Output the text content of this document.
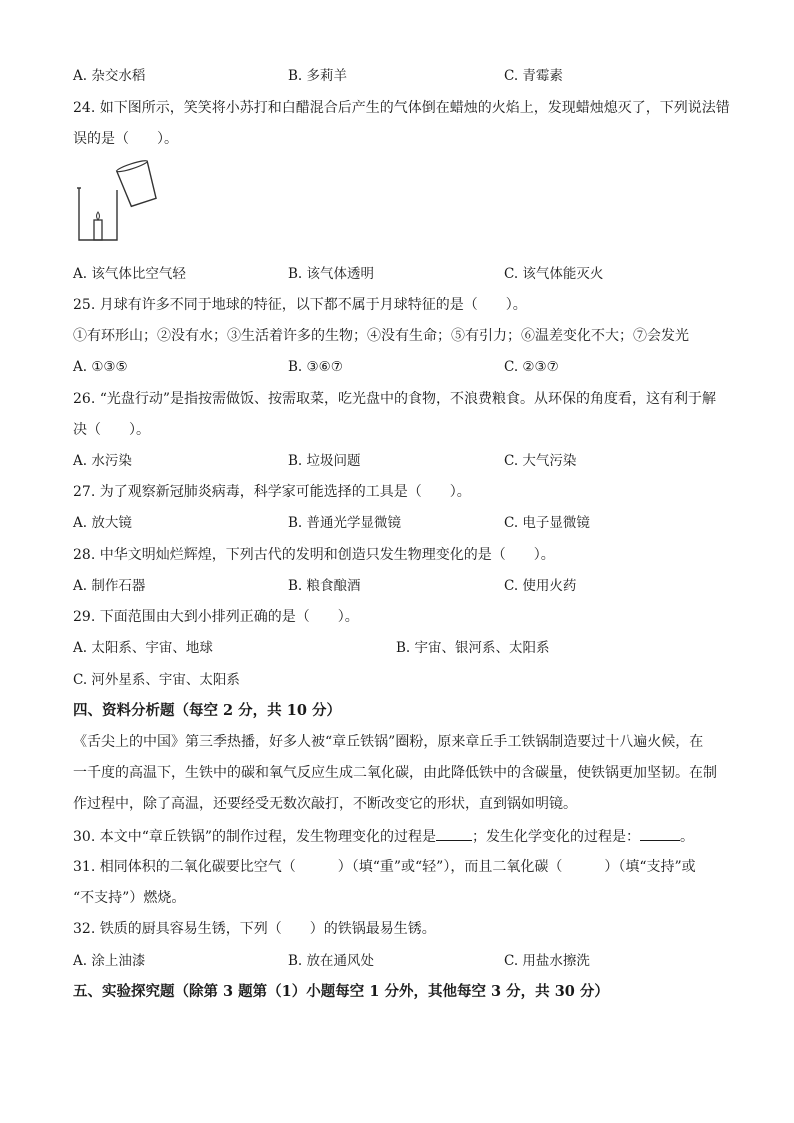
A. 杂交水稻	B. 多莉羊	C. 青霉素
24. 如下图所示，笑笑将小苏打和白醋混合后产生的气体倒在蜡烛的火焰上，发现蜡烛熄灭了，下列说法错
误的是（　　）。
A. 该气体比空气轻	B. 该气体透明	C. 该气体能灭火
25. 月球有许多不同于地球的特征，以下都不属于月球特征的是（　　）。
①有环形山；②没有水；③生活着许多的生物；④没有生命；⑤有引力；⑥温差变化不大；⑦会发光
A. ①③⑤	B. ③⑥⑦	C. ②③⑦
26. “光盘行动”是指按需做饭、按需取菜，吃光盘中的食物，不浪费粮食。从环保的角度看，这有利于解
决（　　）。
A. 水污染	B. 垃圾问题	C. 大气污染
27. 为了观察新冠肺炎病毒，科学家可能选择的工具是（　　）。
A. 放大镜	B. 普通光学显微镜	C. 电子显微镜
28. 中华文明灿烂辉煌，下列古代的发明和创造只发生物理变化的是（　　）。
A. 制作石器	B. 粮食酿酒	C. 使用火药
29. 下面范围由大到小排列正确的是（　　）。
A. 太阳系、宇宙、地球	B. 宇宙、银河系、太阳系
C. 河外星系、宇宙、太阳系
四、资料分析题（每空 2 分，共 10 分）
《舌尖上的中国》第三季热播，好多人被“章丘铁锅”圈粉，原来章丘手工铁锅制造要过十八遍火候，在
一千度的高温下，生铁中的碳和氧气反应生成二氧化碳，由此降低铁中的含碳量，使铁锅更加坚韧。在制
作过程中，除了高温，还要经受无数次敲打，不断改变它的形状，直到锅如明镜。
30. 本文中“章丘铁锅”的制作过程，发生物理变化的过程是	；发生化学变化的过程是：	。
31. 相同体积的二氧化碳要比空气（　　　）（填“重”或“轻”），而且二氧化碳（　　　）（填“支持”或
“不支持”）燃烧。
32. 铁质的厨具容易生锈，下列（　　）的铁锅最易生锈。
A. 涂上油漆	B. 放在通风处	C. 用盐水擦洗
五、实验探究题（除第 3 题第（1）小题每空 1 分外，其他每空 3 分，共 30 分）
